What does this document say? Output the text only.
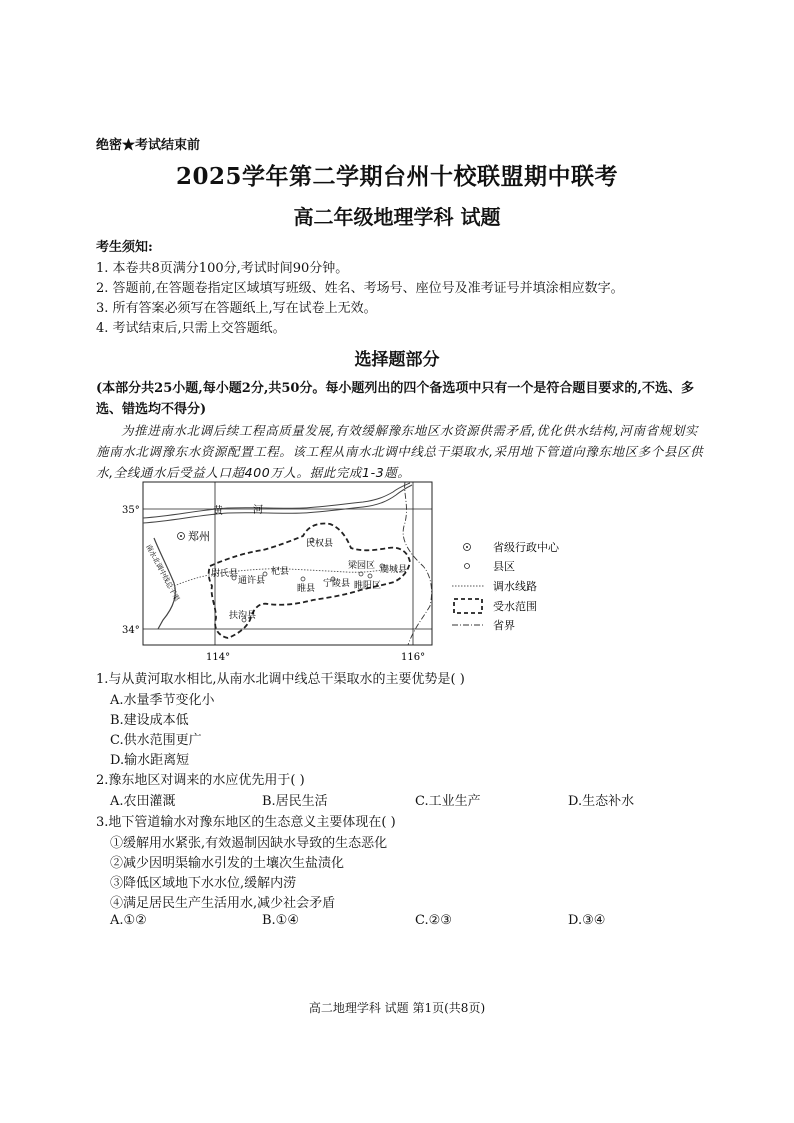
绝密★考试结束前
2025学年第二学期台州十校联盟期中联考
高二年级地理学科 试题
考生须知:
1. 本卷共8页满分100分,考试时间90分钟。
2. 答题前,在答题卷指定区域填写班级、姓名、考场号、座位号及准考证号并填涂相应数字。
3. 所有答案必须写在答题纸上,写在试卷上无效。
4. 考试结束后,只需上交答题纸。
选择题部分
(本部分共25小题,每小题2分,共50分。每小题列出的四个备选项中只有一个是符合题目要求的,不选、多选、错选均不得分)
为推进南水北调后续工程高质量发展,有效缓解豫东地区水资源供需矛盾,优化供水结构,河南省规划实施南水北调豫东水资源配置工程。该工程从南水北调中线总干渠取水,采用地下管道向豫东地区多个县区供水,全线通水后受益人口超400万人。据此完成1-3题。
黄	河
南水北调中线总干渠
郑州
尉氏县
通许县
杞县
民权县
睢县 宁陵县
梁园区
睢阳区
虞城县
扶沟县
35°
34°
114°	116°
省级行政中心
县区
调水线路
受水范围
省界
1.与从黄河取水相比,从南水北调中线总干渠取水的主要优势是( )
A.水量季节变化小
B.建设成本低
C.供水范围更广
D.输水距离短
2.豫东地区对调来的水应优先用于( )
A.农田灌溉	B.居民生活	C.工业生产	D.生态补水
3.地下管道输水对豫东地区的生态意义主要体现在( )
①缓解用水紧张,有效遏制因缺水导致的生态恶化
②减少因明渠输水引发的土壤次生盐渍化
③降低区域地下水水位,缓解内涝
④满足居民生产生活用水,减少社会矛盾
A.①②	B.①④	C.②③	D.③④
高二地理学科 试题 第1页(共8页)
